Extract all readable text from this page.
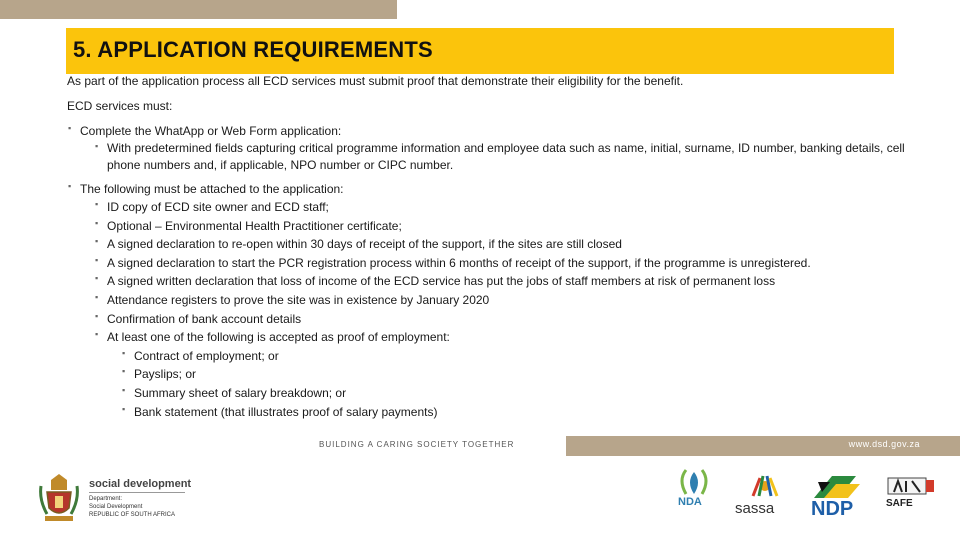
5. APPLICATION REQUIREMENTS

As part of the application process all ECD services must submit proof that demonstrate their eligibility for the benefit.

ECD services must:

▪ Complete the WhatApp or Web Form application:
▪ With predetermined fields capturing critical programme information and employee data such as name, initial, surname, ID number, banking details, cell phone numbers and, if applicable, NPO number or CIPC number.
▪ The following must be attached to the application:
▪ ID copy of ECD site owner and ECD staff;
▪ Optional – Environmental Health Practitioner certificate;
▪ A signed declaration to re-open within 30 days of receipt of the support, if the sites are still closed
▪ A signed declaration to start the PCR registration process within 6 months of receipt of the support, if the programme is unregistered.
▪ A signed written declaration that loss of income of the ECD service has put the jobs of staff members at risk of permanent loss
▪ Attendance registers to prove the site was in existence by January 2020
▪ Confirmation of bank account details
▪ At least one of the following is accepted as proof of employment:
▪ Contract of employment; or
▪ Payslips; or
▪ Summary sheet of salary breakdown; or
▪ Bank statement (that illustrates proof of salary payments)
BUILDING A CARING SOCIETY TOGETHER	www.dsd.gov.za
social development
Department:
Social Development
REPUBLIC OF SOUTH AFRICA
NDA sassa NDP	SAFE
